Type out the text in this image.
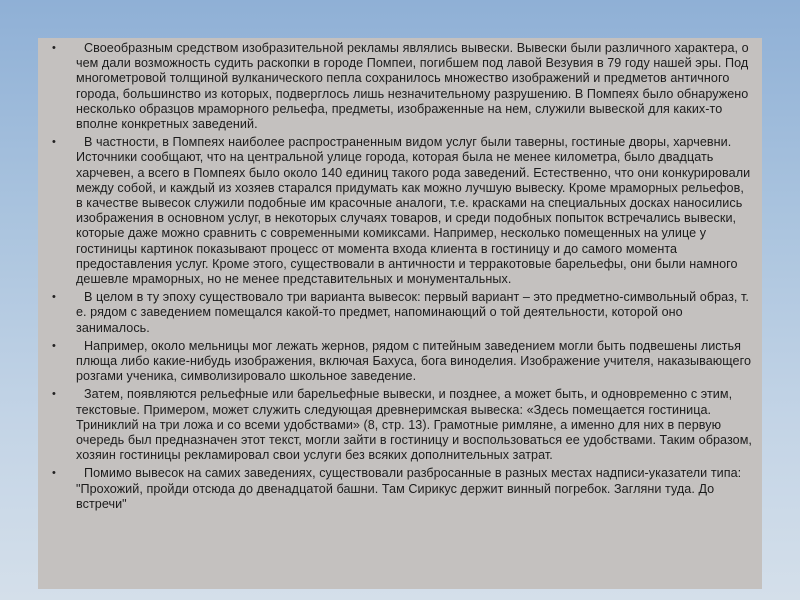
• Своеобразным средством изобразительной рекламы являлись вывески. Вывески были различного характера, о чем дали возможность судить раскопки в городе Помпеи, погибшем под лавой Везувия в 79 году нашей эры. Под многометровой толщиной вулканического пепла сохранилось множество изображений и предметов античного города, большинство из которых, подверглось лишь незначительному разрушению. В Помпеях было обнаружено несколько образцов мраморного рельефа, предметы, изображенные на нем, служили вывеской для каких-то вполне конкретных заведений.
• В частности, в Помпеях наиболее распространенным видом услуг были таверны, гостиные дворы, харчевни. Источники сообщают, что на центральной улице города, которая была не менее километра, было двадцать харчевен, а всего в Помпеях было около 140 единиц такого рода заведений. Естественно, что они конкурировали между собой, и каждый из хозяев старался придумать как можно лучшую вывеску. Кроме мраморных рельефов, в качестве вывесок служили подобные им красочные аналоги, т.е. красками на специальных досках наносились изображения в основном услуг, в некоторых случаях товаров, и среди подобных попыток встречались вывески, которые даже можно сравнить с современными комиксами. Например, несколько помещенных на улице у гостиницы картинок показывают процесс от момента входа клиента в гостиницу и до самого момента предоставления услуг. Кроме этого, существовали в античности и терракотовые барельефы, они были намного дешевле мраморных, но не менее представительных и монументальных.
• В целом в ту эпоху существовало три варианта вывесок: первый вариант – это предметно-символьный образ, т. е. рядом с заведением помещался какой-то предмет, напоминающий о той деятельности, которой оно занималось.
• Например, около мельницы мог лежать жернов, рядом с питейным заведением могли быть подвешены листья плюща либо какие-нибудь изображения, включая Бахуса, бога виноделия. Изображение учителя, наказывающего розгами ученика, символизировало школьное заведение.
• Затем, появляются рельефные или барельефные вывески, и позднее, а может быть, и одновременно с этим, текстовые. Примером, может служить следующая древнеримская вывеска: «Здесь помещается гостиница. Триниклий на три ложа и со всеми удобствами» (8, стр. 13). Грамотные римляне, а именно для них в первую очередь был предназначен этот текст, могли зайти в гостиницу и воспользоваться ее удобствами. Таким образом, хозяин гостиницы рекламировал свои услуги без всяких дополнительных затрат.
• Помимо вывесок на самих заведениях, существовали разбросанные в разных местах надписи-указатели типа: "Прохожий, пройди отсюда до двенадцатой башни. Там Сирикус держит винный погребок. Загляни туда. До встречи"
